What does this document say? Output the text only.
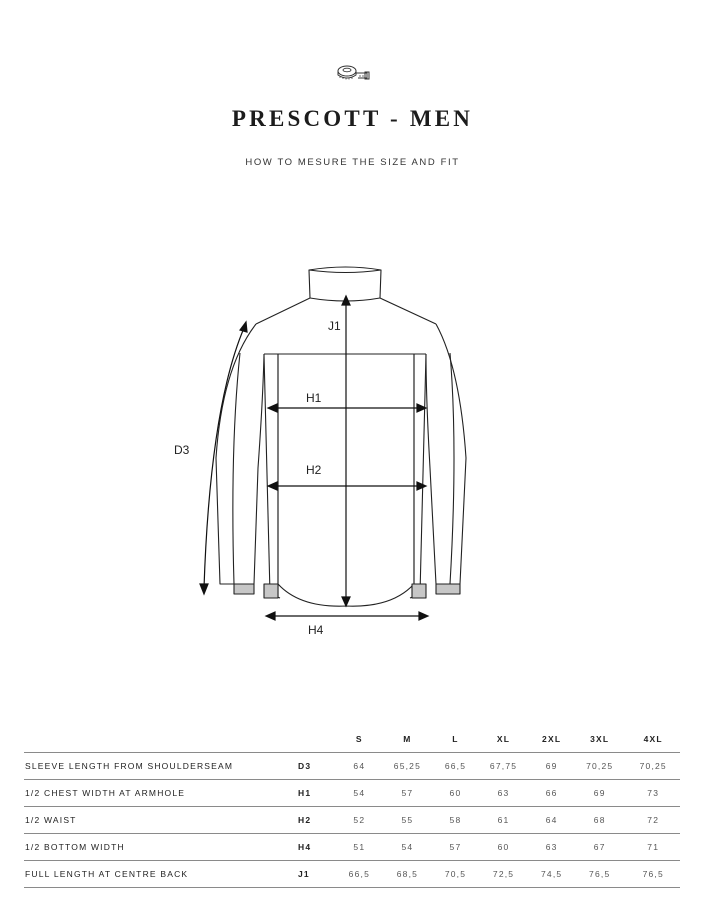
PRESCOTT - MEN
HOW TO MESURE THE SIZE AND FIT
J1
H1
H2
D3
H4
		S	M	L	XL	2XL	3XL	4XL
SLEEVE LENGTH FROM SHOULDERSEAM	D3	64	65,25	66,5	67,75	69	70,25	70,25
1/2 CHEST WIDTH AT ARMHOLE	H1	54	57	60	63	66	69	73
1/2 WAIST	H2	52	55	58	61	64	68	72
1/2 BOTTOM WIDTH	H4	51	54	57	60	63	67	71
FULL LENGTH AT CENTRE BACK	J1	66,5	68,5	70,5	72,5	74,5	76,5	76,5
